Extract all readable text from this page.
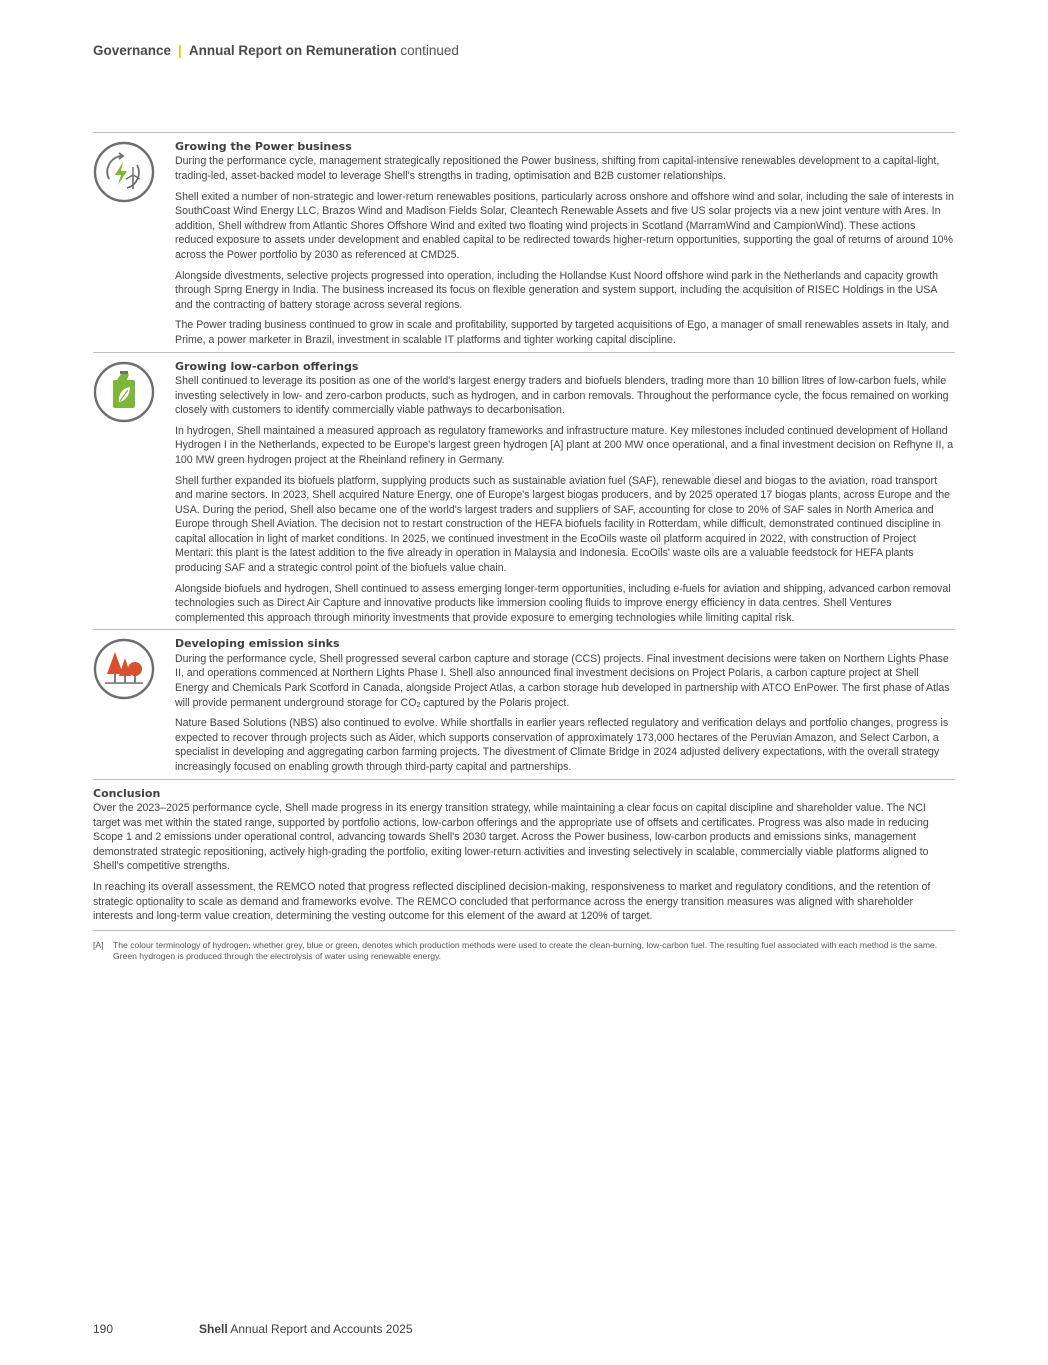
Governance | Annual Report on Remuneration continued
Growing the Power business

During the performance cycle, management strategically repositioned the Power business, shifting from capital-intensive renewables development to a capital-light, trading-led, asset-backed model to leverage Shell's strengths in trading, optimisation and B2B customer relationships.

Shell exited a number of non-strategic and lower-return renewables positions, particularly across onshore and offshore wind and solar, including the sale of interests in SouthCoast Wind Energy LLC, Brazos Wind and Madison Fields Solar, Cleantech Renewable Assets and five US solar projects via a new joint venture with Ares. In addition, Shell withdrew from Atlantic Shores Offshore Wind and exited two floating wind projects in Scotland (MarramWind and CampionWind). These actions reduced exposure to assets under development and enabled capital to be redirected towards higher-return opportunities, supporting the goal of returns of around 10% across the Power portfolio by 2030 as referenced at CMD25.

Alongside divestments, selective projects progressed into operation, including the Hollandse Kust Noord offshore wind park in the Netherlands and capacity growth through Sprng Energy in India. The business increased its focus on flexible generation and system support, including the acquisition of RISEC Holdings in the USA and the contracting of battery storage across several regions.

The Power trading business continued to grow in scale and profitability, supported by targeted acquisitions of Ego, a manager of small renewables assets in Italy, and Prime, a power marketer in Brazil, investment in scalable IT platforms and tighter working capital discipline.

Growing low-carbon offerings

Shell continued to leverage its position as one of the world's largest energy traders and biofuels blenders, trading more than 10 billion litres of low-carbon fuels, while investing selectively in low- and zero-carbon products, such as hydrogen, and in carbon removals. Throughout the performance cycle, the focus remained on working closely with customers to identify commercially viable pathways to decarbonisation.

In hydrogen, Shell maintained a measured approach as regulatory frameworks and infrastructure mature. Key milestones included continued development of Holland Hydrogen I in the Netherlands, expected to be Europe's largest green hydrogen [A] plant at 200 MW once operational, and a final investment decision on Refhyne II, a 100 MW green hydrogen project at the Rheinland refinery in Germany.

Shell further expanded its biofuels platform, supplying products such as sustainable aviation fuel (SAF), renewable diesel and biogas to the aviation, road transport and marine sectors. In 2023, Shell acquired Nature Energy, one of Europe's largest biogas producers, and by 2025 operated 17 biogas plants, across Europe and the USA. During the period, Shell also became one of the world's largest traders and suppliers of SAF, accounting for close to 20% of SAF sales in North America and Europe through Shell Aviation. The decision not to restart construction of the HEFA biofuels facility in Rotterdam, while difficult, demonstrated continued discipline in capital allocation in light of market conditions. In 2025, we continued investment in the EcoOils waste oil platform acquired in 2022, with construction of Project Mentari: this plant is the latest addition to the five already in operation in Malaysia and Indonesia. EcoOils' waste oils are a valuable feedstock for HEFA plants producing SAF and a strategic control point of the biofuels value chain.

Alongside biofuels and hydrogen, Shell continued to assess emerging longer-term opportunities, including e-fuels for aviation and shipping, advanced carbon removal technologies such as Direct Air Capture and innovative products like immersion cooling fluids to improve energy efficiency in data centres. Shell Ventures complemented this approach through minority investments that provide exposure to emerging technologies while limiting capital risk.

Developing emission sinks

During the performance cycle, Shell progressed several carbon capture and storage (CCS) projects. Final investment decisions were taken on Northern Lights Phase II, and operations commenced at Northern Lights Phase I. Shell also announced final investment decisions on Project Polaris, a carbon capture project at Shell Energy and Chemicals Park Scotford in Canada, alongside Project Atlas, a carbon storage hub developed in partnership with ATCO EnPower. The first phase of Atlas will provide permanent underground storage for $CO_2$ captured by the Polaris project.

Nature Based Solutions (NBS) also continued to evolve. While shortfalls in earlier years reflected regulatory and verification delays and portfolio changes, progress is expected to recover through projects such as Aider, which supports conservation of approximately 173,000 hectares of the Peruvian Amazon, and Select Carbon, a specialist in developing and aggregating carbon farming projects. The divestment of Climate Bridge in 2024 adjusted delivery expectations, with the overall strategy increasingly focused on enabling growth through third-party capital and partnerships.

Conclusion

Over the 2023–2025 performance cycle, Shell made progress in its energy transition strategy, while maintaining a clear focus on capital discipline and shareholder value. The NCI target was met within the stated range, supported by portfolio actions, low-carbon offerings and the appropriate use of offsets and certificates. Progress was also made in reducing Scope 1 and 2 emissions under operational control, advancing towards Shell's 2030 target. Across the Power business, low-carbon products and emissions sinks, management demonstrated strategic repositioning, actively high-grading the portfolio, exiting lower-return activities and investing selectively in scalable, commercially viable platforms aligned to Shell's competitive strengths.

In reaching its overall assessment, the REMCO noted that progress reflected disciplined decision-making, responsiveness to market and regulatory conditions, and the retention of strategic optionality to scale as demand and frameworks evolve. The REMCO concluded that performance across the energy transition measures was aligned with shareholder interests and long-term value creation, determining the vesting outcome for this element of the award at 120% of target.

[A]	The colour terminology of hydrogen, whether grey, blue or green, denotes which production methods were used to create the clean-burning, low-carbon fuel. The resulting fuel associated with each method is the same. Green hydrogen is produced through the electrolysis of water using renewable energy.
190	Shell Annual Report and Accounts 2025
